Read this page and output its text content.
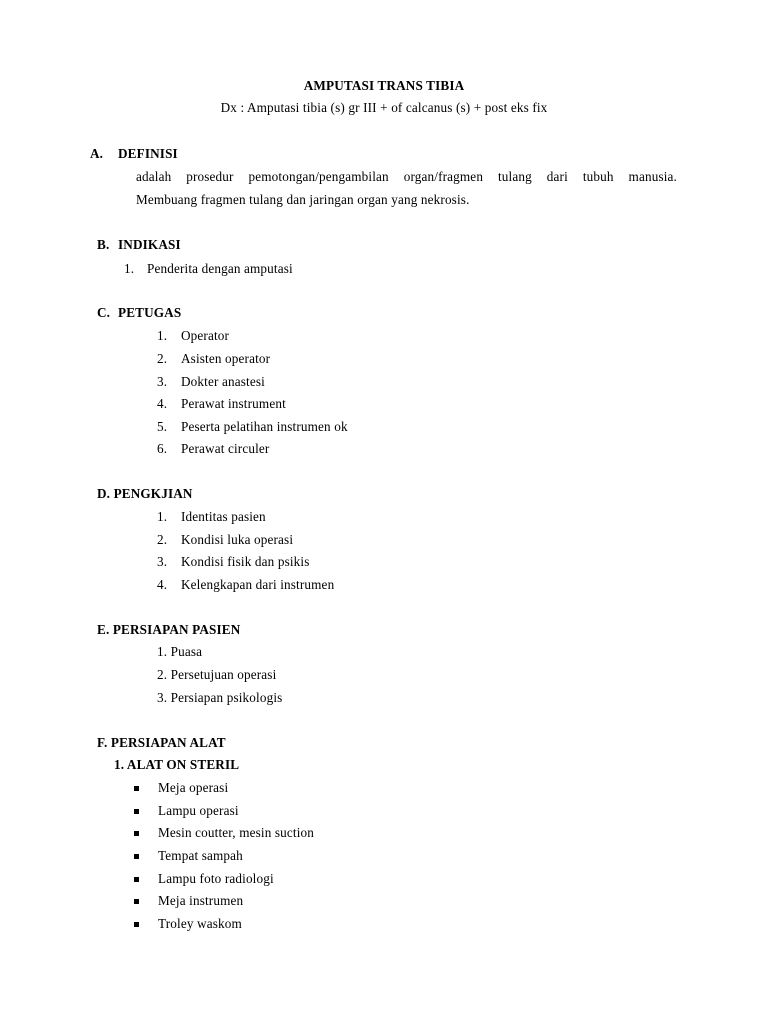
AMPUTASI TRANS TIBIA
Dx : Amputasi tibia (s) gr III + of calcanus (s) + post eks fix
A. DEFINISI
adalah prosedur pemotongan/pengambilan organ/fragmen tulang dari tubuh manusia.
Membuang fragmen tulang dan jaringan organ yang nekrosis.
B. INDIKASI
1. Penderita dengan amputasi
C. PETUGAS
1. Operator
2. Asisten operator
3. Dokter anastesi
4. Perawat instrument
5. Peserta pelatihan instrumen ok
6. Perawat circuler
D. PENGKJIAN
1. Identitas pasien
2. Kondisi luka operasi
3. Kondisi fisik dan psikis
4. Kelengkapan dari instrumen
E. PERSIAPAN PASIEN
1. Puasa
2. Persetujuan operasi
3. Persiapan psikologis
F. PERSIAPAN ALAT
1. ALAT ON STERIL
Meja operasi
Lampu operasi
Mesin coutter, mesin suction
Tempat sampah
Lampu foto radiologi
Meja instrumen
Troley waskom
